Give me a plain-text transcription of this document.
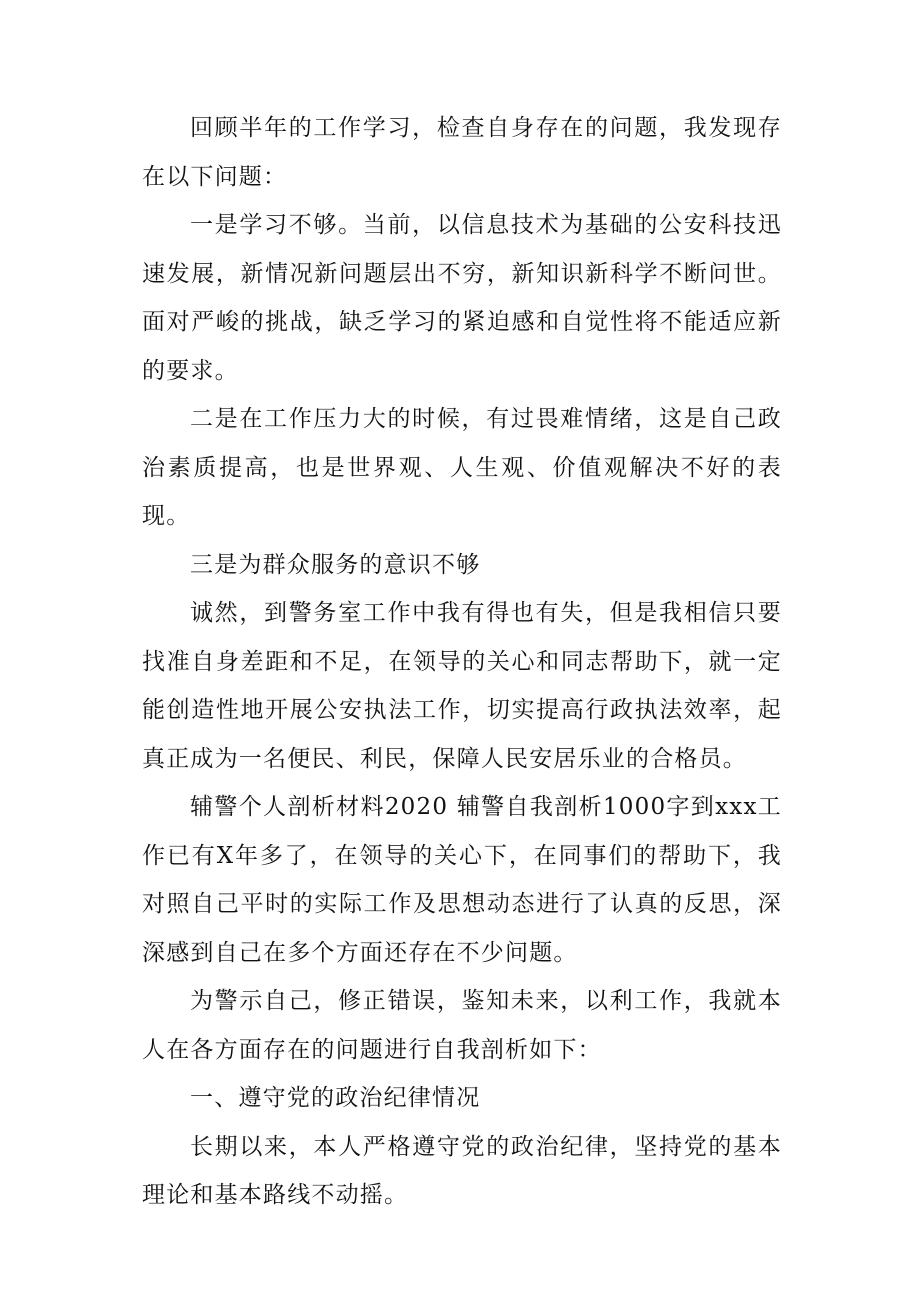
回顾半年的工作学习，检查自身存在的问题，我发现存在以下问题：

一是学习不够。当前，以信息技术为基础的公安科技迅速发展，新情况新问题层出不穷，新知识新科学不断问世。面对严峻的挑战，缺乏学习的紧迫感和自觉性将不能适应新的要求。

二是在工作压力大的时候，有过畏难情绪，这是自己政治素质提高，也是世界观、人生观、价值观解决不好的表现。

三是为群众服务的意识不够

诚然，到警务室工作中我有得也有失，但是我相信只要找准自身差距和不足，在领导的关心和同志帮助下，就一定能创造性地开展公安执法工作，切实提高行政执法效率，起真正成为一名便民、利民，保障人民安居乐业的合格员。

辅警个人剖析材料2020 辅警自我剖析1000字到xxx工作已有X年多了，在领导的关心下，在同事们的帮助下，我对照自己平时的实际工作及思想动态进行了认真的反思，深深感到自己在多个方面还存在不少问题。

为警示自己，修正错误，鉴知未来，以利工作，我就本人在各方面存在的问题进行自我剖析如下：

一、遵守党的政治纪律情况

长期以来，本人严格遵守党的政治纪律，坚持党的基本理论和基本路线不动摇。
